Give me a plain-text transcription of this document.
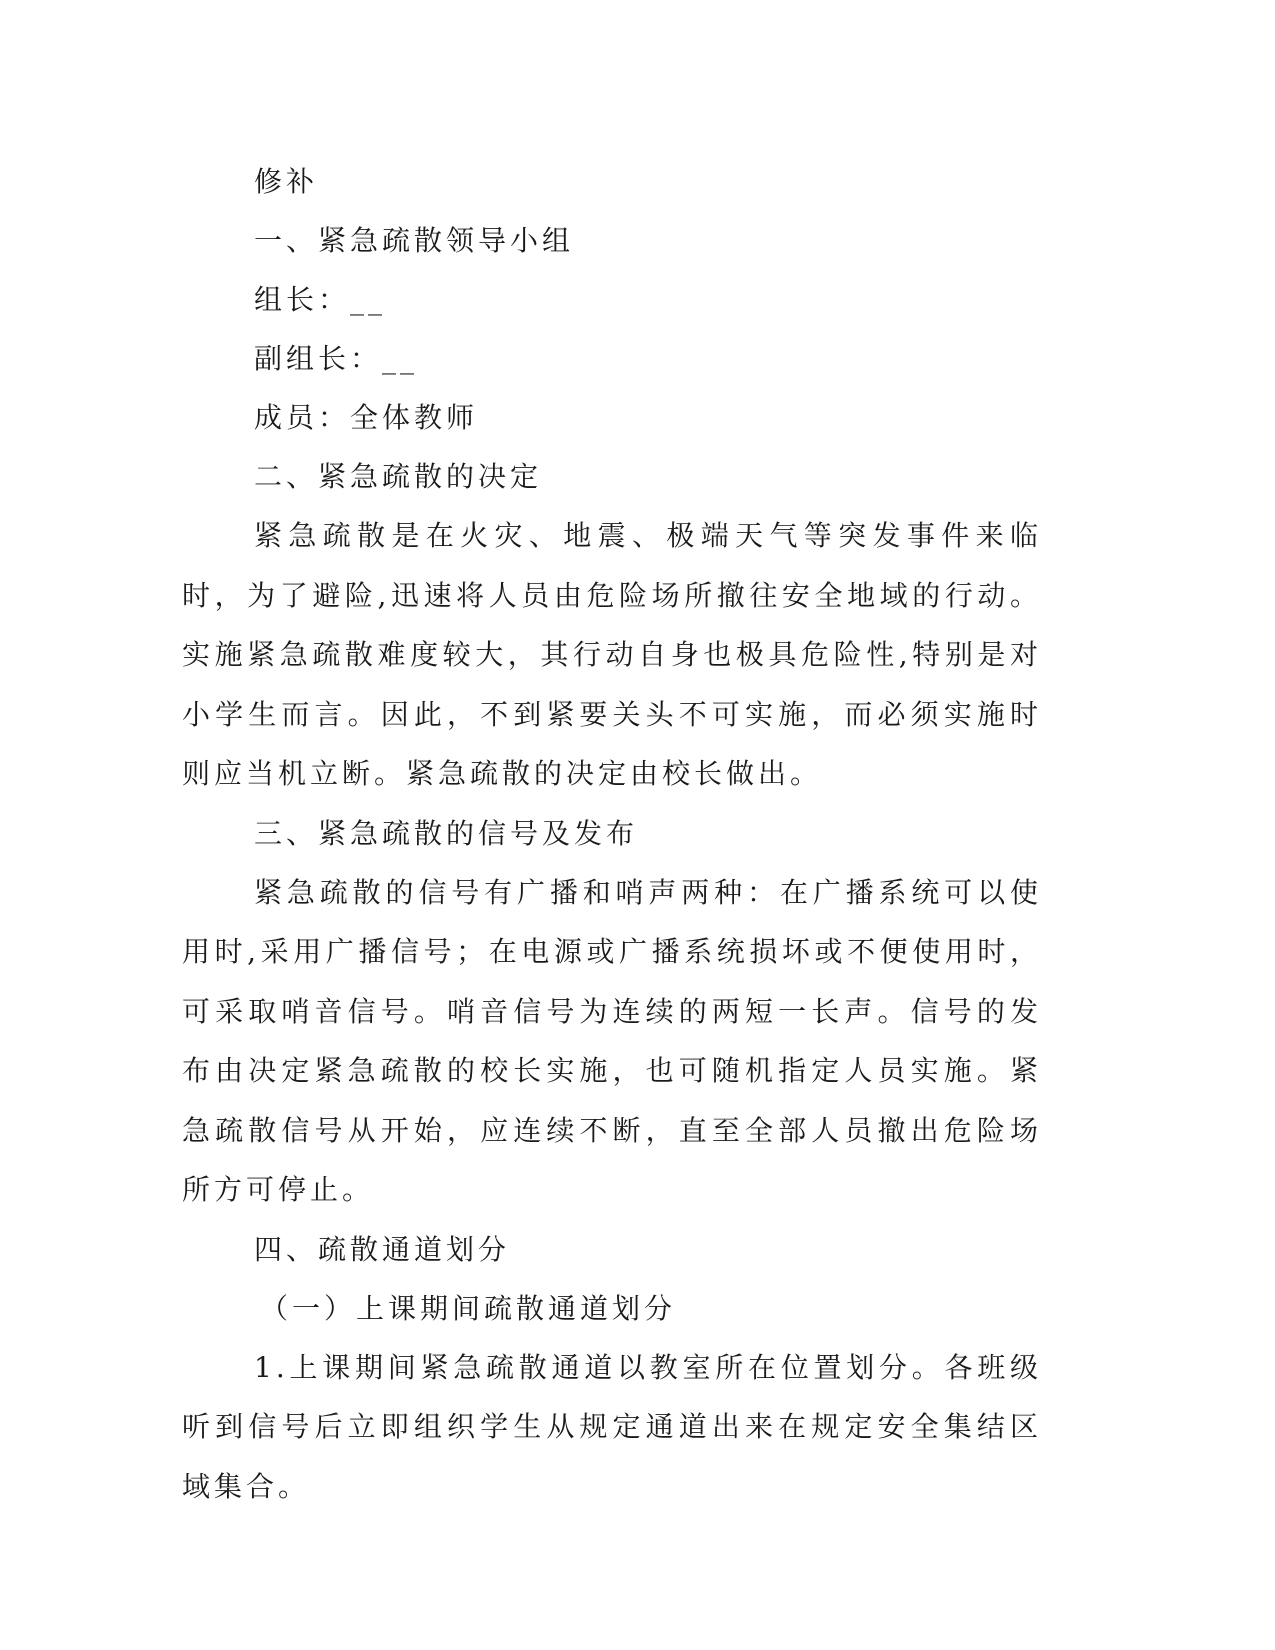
修补
一、紧急疏散领导小组
组长：__
副组长：__
成员：全体教师
二、紧急疏散的决定
紧急疏散是在火灾、地震、极端天气等突发事件来临时，为了避险,迅速将人员由危险场所撤往安全地域的行动。实施紧急疏散难度较大，其行动自身也极具危险性,特别是对小学生而言。因此，不到紧要关头不可实施，而必须实施时则应当机立断。紧急疏散的决定由校长做出。
三、紧急疏散的信号及发布
紧急疏散的信号有广播和哨声两种：在广播系统可以使用时,采用广播信号；在电源或广播系统损坏或不便使用时，可采取哨音信号。哨音信号为连续的两短一长声。信号的发布由决定紧急疏散的校长实施，也可随机指定人员实施。紧急疏散信号从开始，应连续不断，直至全部人员撤出危险场所方可停止。
四、疏散通道划分
（一）上课期间疏散通道划分
1.上课期间紧急疏散通道以教室所在位置划分。各班级听到信号后立即组织学生从规定通道出来在规定安全集结区域集合。
